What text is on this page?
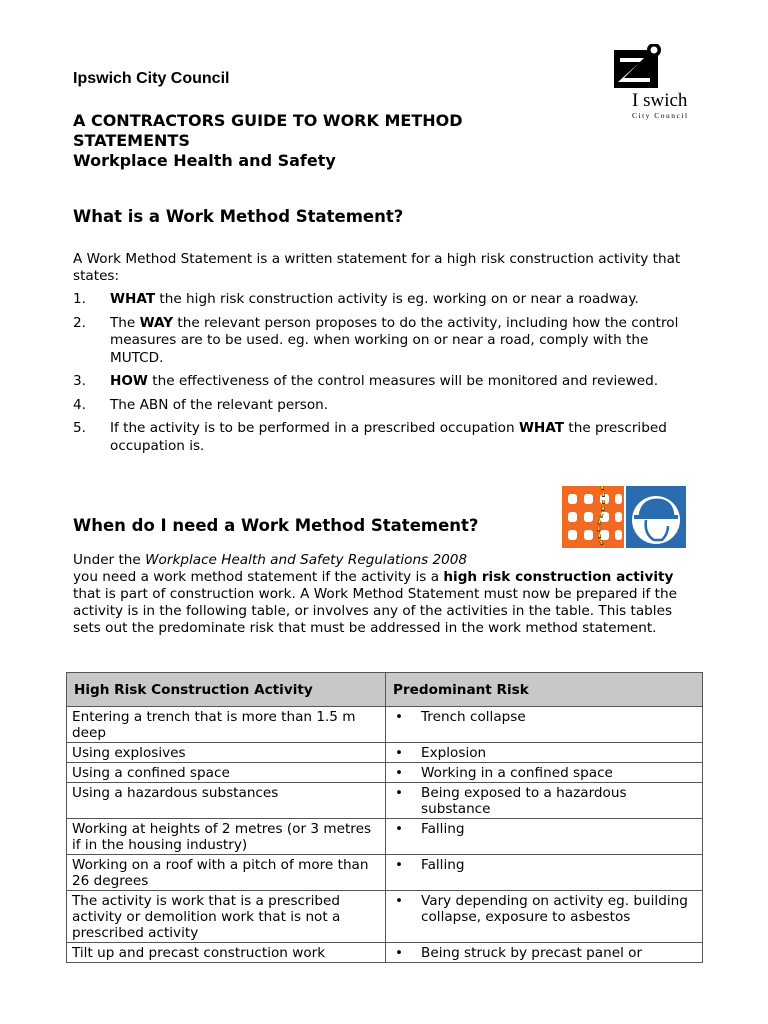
Ipswich City Council
I swich
City Council
A CONTRACTORS GUIDE TO WORK METHOD
STATEMENTS
Workplace Health and Safety
What is a Work Method Statement?
A Work Method Statement is a written statement for a high risk construction activity that states:
1. WHAT the high risk construction activity is eg. working on or near a roadway.
2. The WAY the relevant person proposes to do the activity, including how the control measures are to be used. eg. when working on or near a road, comply with the MUTCD.
3. HOW the effectiveness of the control measures will be monitored and reviewed.
4. The ABN of the relevant person.
5. If the activity is to be performed in a prescribed occupation WHAT the prescribed occupation is.
When do I need a Work Method Statement?
Under the Workplace Health and Safety Regulations 2008
you need a work method statement if the activity is a high risk construction activity that is part of construction work. A Work Method Statement must now be prepared if the activity is in the following table, or involves any of the activities in the table. This tables sets out the predominate risk that must be addressed in the work method statement.
High Risk Construction Activity	Predominant Risk
Entering a trench that is more than 1.5 m deep	• Trench collapse

Using explosives	• Explosion

Using a confined space	• Working in a confined space

Using a hazardous substances	• Being exposed to a hazardous substance

Working at heights of 2 metres (or 3 metres if in the housing industry)	• Falling

Working on a roof with a pitch of more than 26 degrees	• Falling

The activity is work that is a prescribed activity or demolition work that is not a prescribed activity	• Vary depending on activity eg. building collapse, exposure to asbestos

Tilt up and precast construction work	• Being struck by precast panel or
